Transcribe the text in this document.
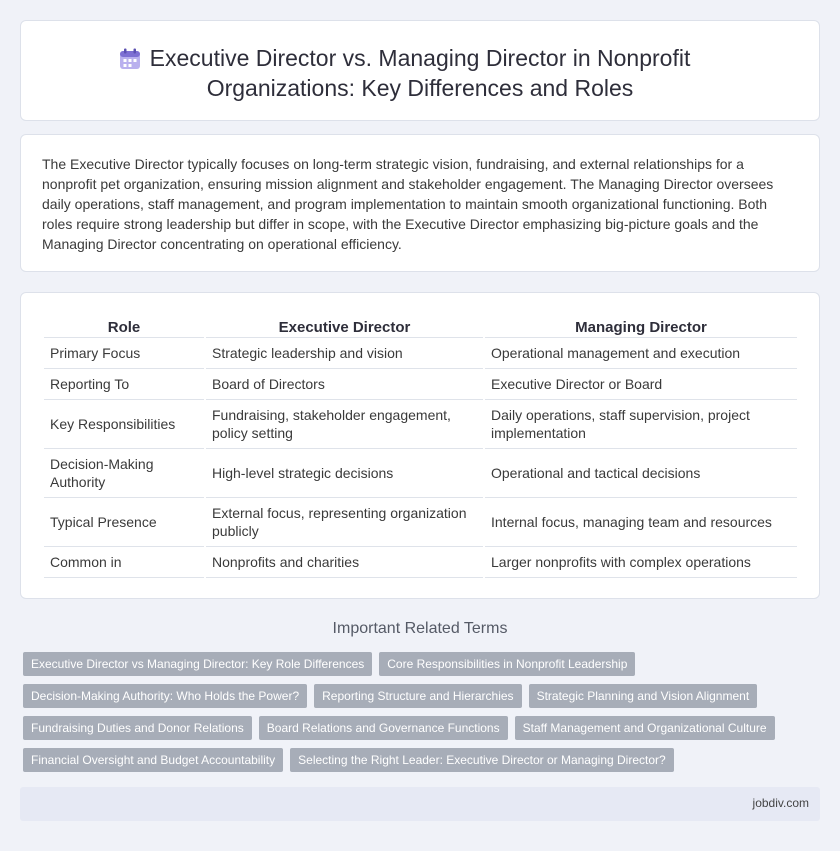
Executive Director vs. Managing Director in Nonprofit Organizations: Key Differences and Roles

The Executive Director typically focuses on long-term strategic vision, fundraising, and external relationships for a nonprofit pet organization, ensuring mission alignment and stakeholder engagement. The Managing Director oversees daily operations, staff management, and program implementation to maintain smooth organizational functioning. Both roles require strong leadership but differ in scope, with the Executive Director emphasizing big-picture goals and the Managing Director concentrating on operational efficiency.

Role	Executive Director	Managing Director
Primary Focus	Strategic leadership and vision	Operational management and execution
Reporting To	Board of Directors	Executive Director or Board
Key Responsibilities	Fundraising, stakeholder engagement, policy setting	Daily operations, staff supervision, project implementation
Decision-Making Authority	High-level strategic decisions	Operational and tactical decisions
Typical Presence	External focus, representing organization publicly	Internal focus, managing team and resources
Common in	Nonprofits and charities	Larger nonprofits with complex operations
Important Related Terms
Executive Director vs Managing Director: Key Role Differences	Core Responsibilities in Nonprofit Leadership
Decision-Making Authority: Who Holds the Power?	Reporting Structure and Hierarchies	Strategic Planning and Vision Alignment
Fundraising Duties and Donor Relations	Board Relations and Governance Functions	Staff Management and Organizational Culture
Financial Oversight and Budget Accountability	Selecting the Right Leader: Executive Director or Managing Director?
jobdiv.com
